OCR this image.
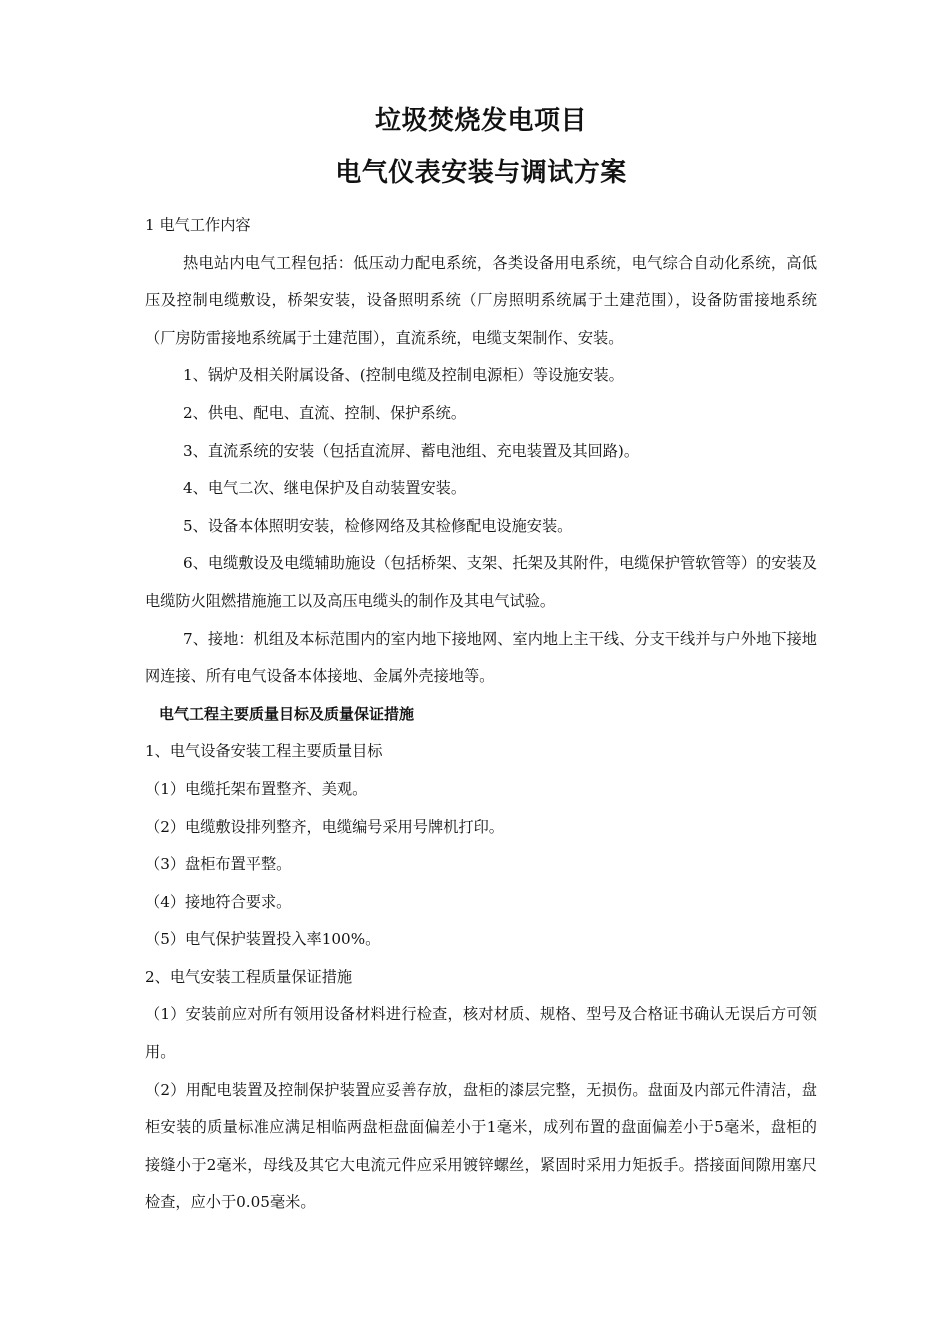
垃圾焚烧发电项目
电气仪表安装与调试方案

1 电气工作内容

热电站内电气工程包括：低压动力配电系统，各类设备用电系统，电气综合自动化系统，高低压及控制电缆敷设，桥架安装，设备照明系统（厂房照明系统属于土建范围），设备防雷接地系统（厂房防雷接地系统属于土建范围），直流系统，电缆支架制作、安装。

1、锅炉及相关附属设备、(控制电缆及控制电源柜）等设施安装。

2、供电、配电、直流、控制、保护系统。

3、直流系统的安装（包括直流屏、蓄电池组、充电装置及其回路)。

4、电气二次、继电保护及自动装置安装。

5、设备本体照明安装，检修网络及其检修配电设施安装。

6、电缆敷设及电缆辅助施设（包括桥架、支架、托架及其附件，电缆保护管软管等）的安装及电缆防火阻燃措施施工以及高压电缆头的制作及其电气试验。

7、接地：机组及本标范围内的室内地下接地网、室内地上主干线、分支干线并与户外地下接地网连接、所有电气设备本体接地、金属外壳接地等。

电气工程主要质量目标及质量保证措施

1、电气设备安装工程主要质量目标

（1）电缆托架布置整齐、美观。

（2）电缆敷设排列整齐，电缆编号采用号牌机打印。

（3）盘柜布置平整。

（4）接地符合要求。

（5）电气保护装置投入率100%。

2、电气安装工程质量保证措施

（1）安装前应对所有领用设备材料进行检查，核对材质、规格、型号及合格证书确认无误后方可领用。

（2）用配电装置及控制保护装置应妥善存放，盘柜的漆层完整，无损伤。盘面及内部元件清洁，盘柜安装的质量标准应满足相临两盘柜盘面偏差小于1毫米，成列布置的盘面偏差小于5毫米，盘柜的接缝小于2毫米，母线及其它大电流元件应采用镀锌螺丝，紧固时采用力矩扳手。搭接面间隙用塞尺检查，应小于0.05毫米。
